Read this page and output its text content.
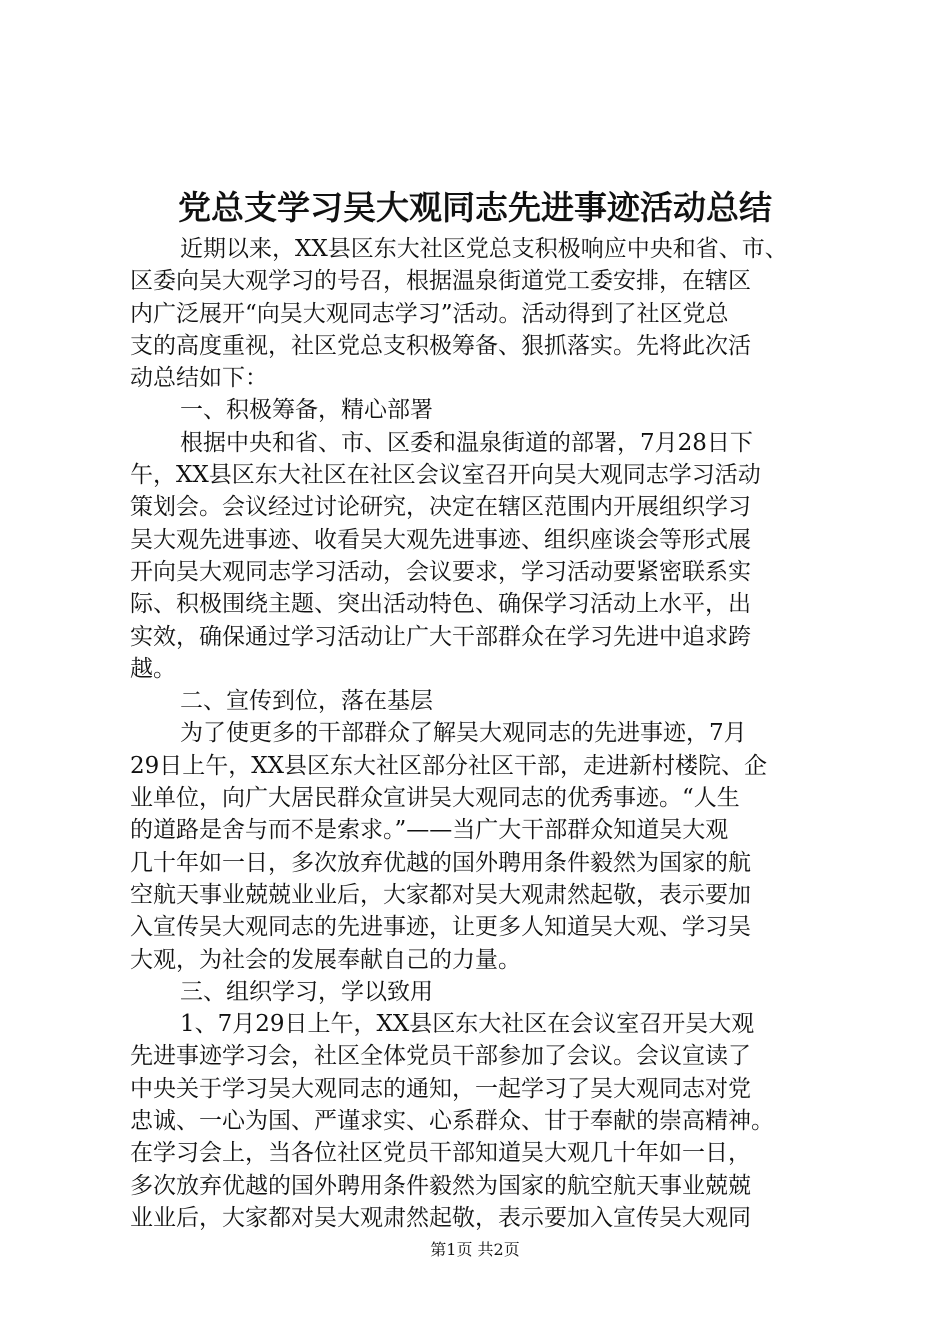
党总支学习吴大观同志先进事迹活动总结
近期以来，XX县区东大社区党总支积极响应中央和省、市、
区委向吴大观学习的号召，根据温泉街道党工委安排，在辖区
内广泛展开“向吴大观同志学习”活动。活动得到了社区党总
支的高度重视，社区党总支积极筹备、狠抓落实。先将此次活
动总结如下：
一、积极筹备，精心部署
根据中央和省、市、区委和温泉街道的部署，7月28日下
午，XX县区东大社区在社区会议室召开向吴大观同志学习活动
策划会。会议经过讨论研究，决定在辖区范围内开展组织学习
吴大观先进事迹、收看吴大观先进事迹、组织座谈会等形式展
开向吴大观同志学习活动，会议要求，学习活动要紧密联系实
际、积极围绕主题、突出活动特色、确保学习活动上水平，出
实效，确保通过学习活动让广大干部群众在学习先进中追求跨
越。
二、宣传到位，落在基层
为了使更多的干部群众了解吴大观同志的先进事迹，7月
29日上午，XX县区东大社区部分社区干部，走进新村楼院、企
业单位，向广大居民群众宣讲吴大观同志的优秀事迹。“人生
的道路是舍与而不是索求。”——当广大干部群众知道吴大观
几十年如一日，多次放弃优越的国外聘用条件毅然为国家的航
空航天事业兢兢业业后，大家都对吴大观肃然起敬，表示要加
入宣传吴大观同志的先进事迹，让更多人知道吴大观、学习吴
大观，为社会的发展奉献自己的力量。
三、组织学习，学以致用
1、7月29日上午，XX县区东大社区在会议室召开吴大观
先进事迹学习会，社区全体党员干部参加了会议。会议宣读了
中央关于学习吴大观同志的通知，一起学习了吴大观同志对党
忠诚、一心为国、严谨求实、心系群众、甘于奉献的崇高精神。
在学习会上，当各位社区党员干部知道吴大观几十年如一日，
多次放弃优越的国外聘用条件毅然为国家的航空航天事业兢兢
业业后，大家都对吴大观肃然起敬，表示要加入宣传吴大观同
第1页 共2页
